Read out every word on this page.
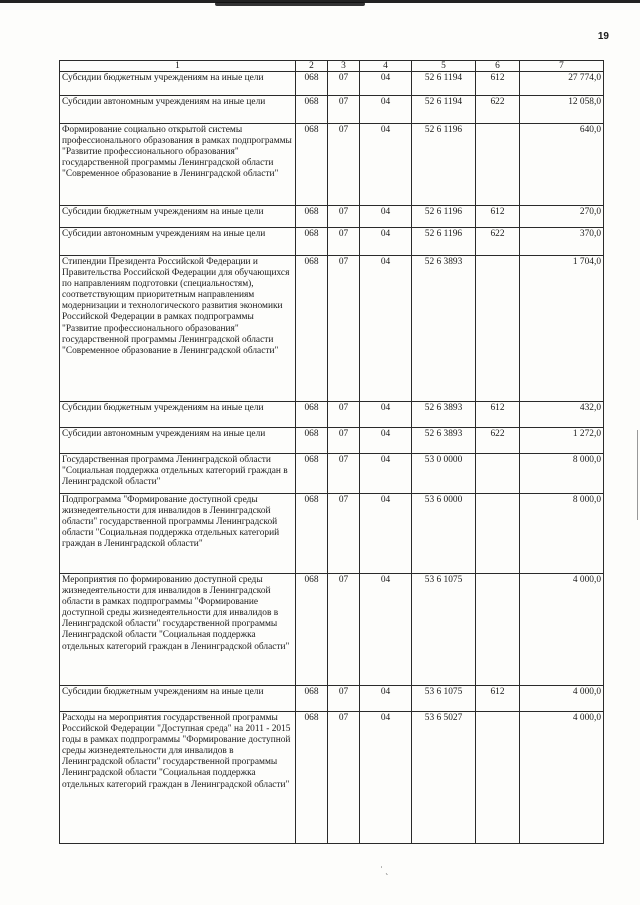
19
1	2	3	4	5	6	7
Субсидии бюджетным учреждениям на иные цели	068	07	04	52 6 1194	612	27 774,0
Субсидии автономным учреждениям на иные цели	068	07	04	52 6 1194	622	12 058,0
Формирование социально открытой системы профессионального образования в рамках подпрограммы "Развитие профессионального образования" государственной программы Ленинградской области "Современное образование в Ленинградской области"	068	07	04	52 6 1196		640,0
Субсидии бюджетным учреждениям на иные цели	068	07	04	52 6 1196	612	270,0
Субсидии автономным учреждениям на иные цели	068	07	04	52 6 1196	622	370,0
Стипендии Президента Российской Федерации и Правительства Российской Федерации для обучающихся по направлениям подготовки (специальностям), соответствующим приоритетным направлениям модернизации и технологического развития экономики Российской Федерации в рамках подпрограммы "Развитие профессионального образования" государственной программы Ленинградской области "Современное образование в Ленинградской области"	068	07	04	52 6 3893		1 704,0
Субсидии бюджетным учреждениям на иные цели	068	07	04	52 6 3893	612	432,0
Субсидии автономным учреждениям на иные цели	068	07	04	52 6 3893	622	1 272,0
Государственная программа Ленинградской области "Социальная поддержка отдельных категорий граждан в Ленинградской области"	068	07	04	53 0 0000		8 000,0
Подпрограмма "Формирование доступной среды жизнедеятельности для инвалидов в Ленинградской области" государственной программы Ленинградской области "Социальная поддержка отдельных категорий граждан в Ленинградской области"	068	07	04	53 6 0000		8 000,0
Мероприятия по формированию доступной среды жизнедеятельности для инвалидов в Ленинградской области в рамках подпрограммы "Формирование доступной среды жизнедеятельности для инвалидов в Ленинградской области" государственной программы Ленинградской области "Социальная поддержка отдельных категорий граждан в Ленинградской области"	068	07	04	53 6 1075		4 000,0
Субсидии бюджетным учреждениям на иные цели	068	07	04	53 6 1075	612	4 000,0
Расходы на мероприятия государственной программы Российской Федерации "Доступная среда" на 2011 - 2015 годы в рамках подпрограммы "Формирование доступной среды жизнедеятельности для инвалидов в Ленинградской области" государственной программы Ленинградской области "Социальная поддержка отдельных категорий граждан в Ленинградской области"	068	07	04	53 6 5027		4 000,0
˙ ˎ
